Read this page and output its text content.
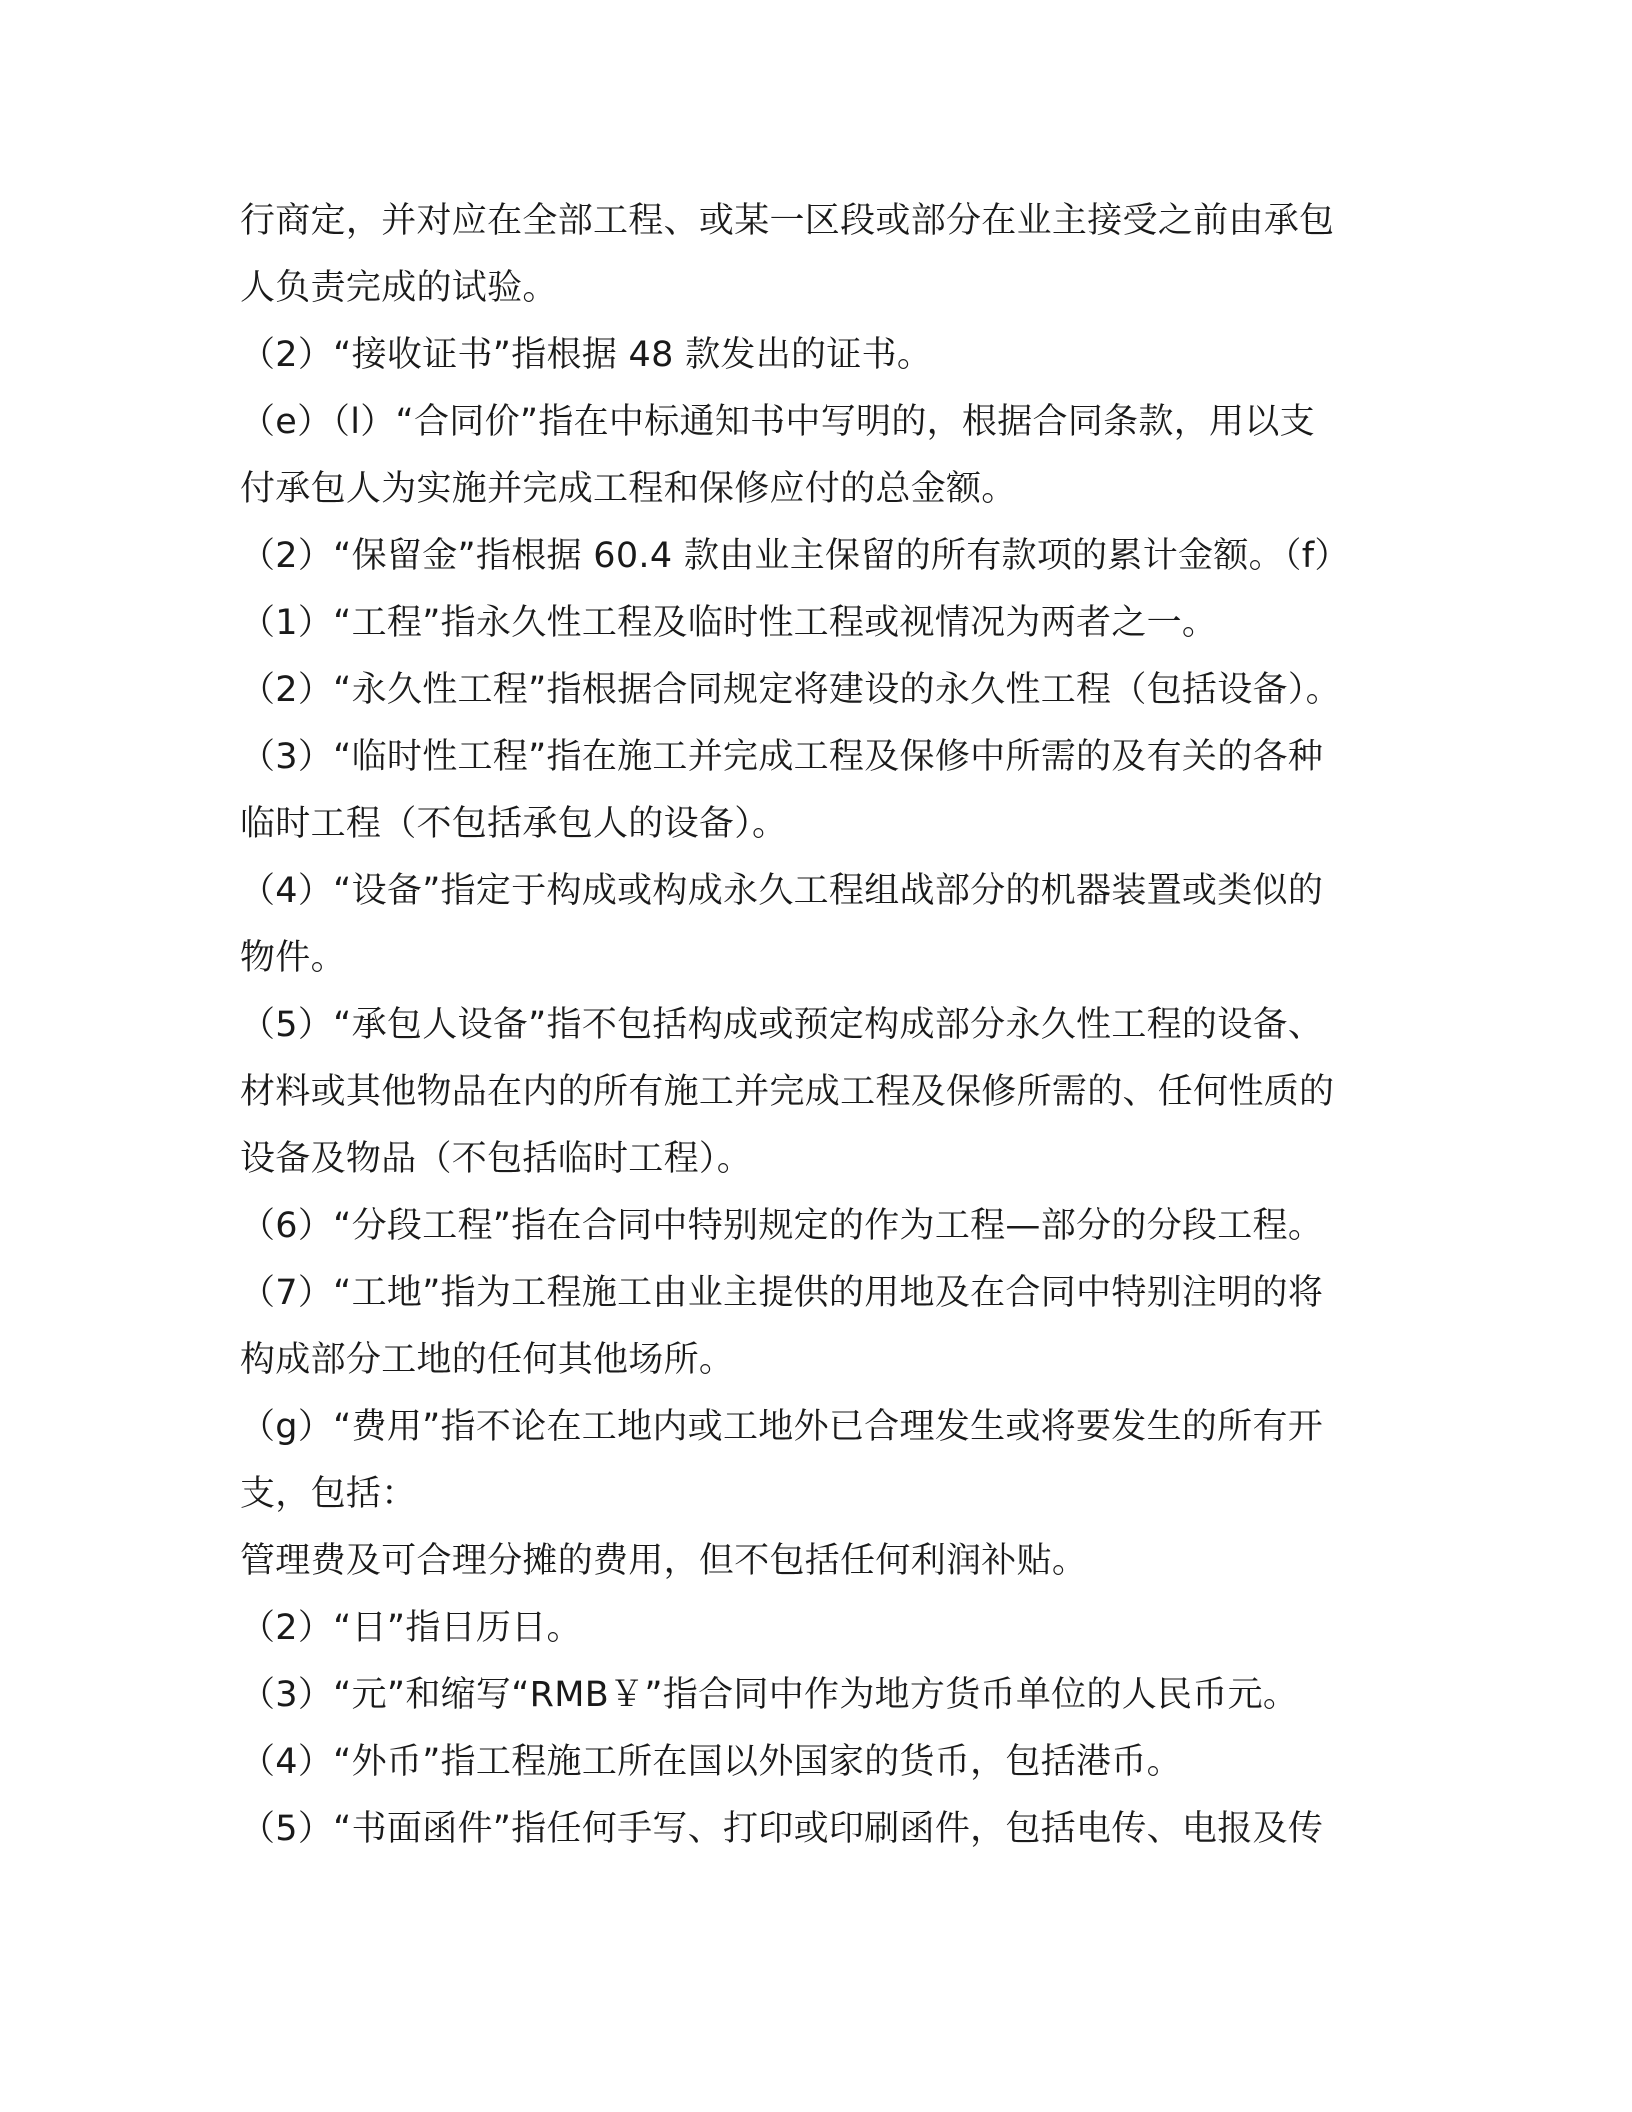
行商定，并对应在全部工程、或某一区段或部分在业主接受之前由承包
人负责完成的试验。
（2）“接收证书”指根据 48 款发出的证书。
（e）（l）“合同价”指在中标通知书中写明的，根据合同条款，用以支
付承包人为实施并完成工程和保修应付的总金额。
（2）“保留金”指根据 60.4 款由业主保留的所有款项的累计金额。（f）
（1）“工程”指永久性工程及临时性工程或视情况为两者之一。
（2）“永久性工程”指根据合同规定将建设的永久性工程（包括设备）。
（3）“临时性工程”指在施工并完成工程及保修中所需的及有关的各种
临时工程（不包括承包人的设备）。
（4）“设备”指定于构成或构成永久工程组战部分的机器装置或类似的
物件。
（5）“承包人设备”指不包括构成或预定构成部分永久性工程的设备、
材料或其他物品在内的所有施工并完成工程及保修所需的、任何性质的
设备及物品（不包括临时工程）。
（6）“分段工程”指在合同中特别规定的作为工程—部分的分段工程。
（7）“工地”指为工程施工由业主提供的用地及在合同中特别注明的将
构成部分工地的任何其他场所。
（g）“费用”指不论在工地内或工地外已合理发生或将要发生的所有开
支，包括：
管理费及可合理分摊的费用，但不包括任何利润补贴。
（2）“日”指日历日。
（3）“元”和缩写“RMB￥”指合同中作为地方货币单位的人民币元。
（4）“外币”指工程施工所在国以外国家的货币，包括港币。
（5）“书面函件”指任何手写、打印或印刷函件，包括电传、电报及传
